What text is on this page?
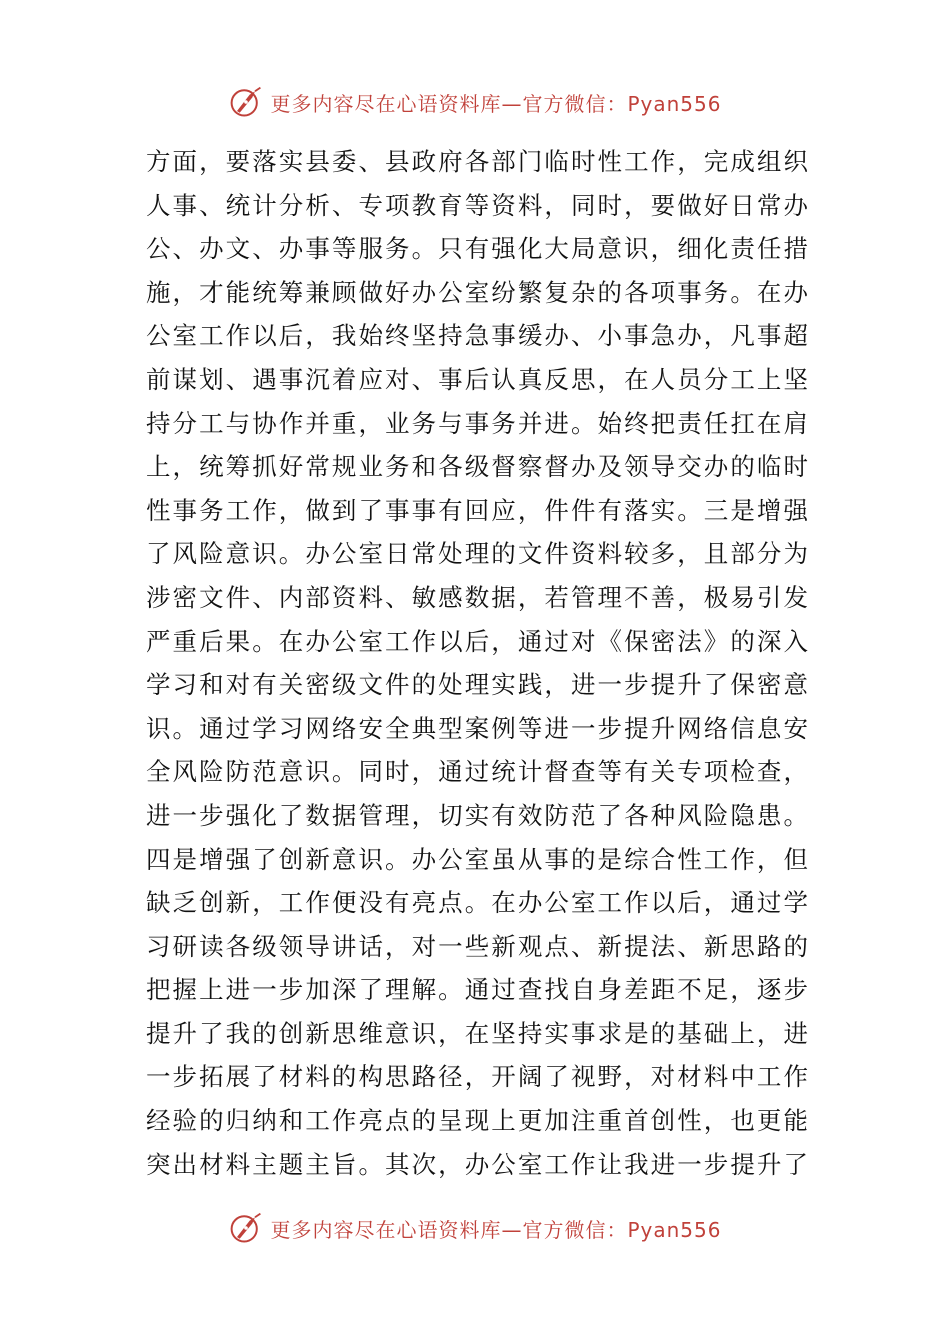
更多内容尽在心语资料库—官方微信：Pyan556
方面，要落实县委、县政府各部门临时性工作，完成组织
人事、统计分析、专项教育等资料，同时，要做好日常办
公、办文、办事等服务。只有强化大局意识，细化责任措
施，才能统筹兼顾做好办公室纷繁复杂的各项事务。在办
公室工作以后，我始终坚持急事缓办、小事急办，凡事超
前谋划、遇事沉着应对、事后认真反思，在人员分工上坚
持分工与协作并重，业务与事务并进。始终把责任扛在肩
上，统筹抓好常规业务和各级督察督办及领导交办的临时
性事务工作，做到了事事有回应，件件有落实。三是增强
了风险意识。办公室日常处理的文件资料较多，且部分为
涉密文件、内部资料、敏感数据，若管理不善，极易引发
严重后果。在办公室工作以后，通过对《保密法》的深入
学习和对有关密级文件的处理实践，进一步提升了保密意
识。通过学习网络安全典型案例等进一步提升网络信息安
全风险防范意识。同时，通过统计督查等有关专项检查，
进一步强化了数据管理，切实有效防范了各种风险隐患。
四是增强了创新意识。办公室虽从事的是综合性工作，但
缺乏创新，工作便没有亮点。在办公室工作以后，通过学
习研读各级领导讲话，对一些新观点、新提法、新思路的
把握上进一步加深了理解。通过查找自身差距不足，逐步
提升了我的创新思维意识，在坚持实事求是的基础上，进
一步拓展了材料的构思路径，开阔了视野，对材料中工作
经验的归纳和工作亮点的呈现上更加注重首创性，也更能
突出材料主题主旨。其次，办公室工作让我进一步提升了
更多内容尽在心语资料库—官方微信：Pyan556
